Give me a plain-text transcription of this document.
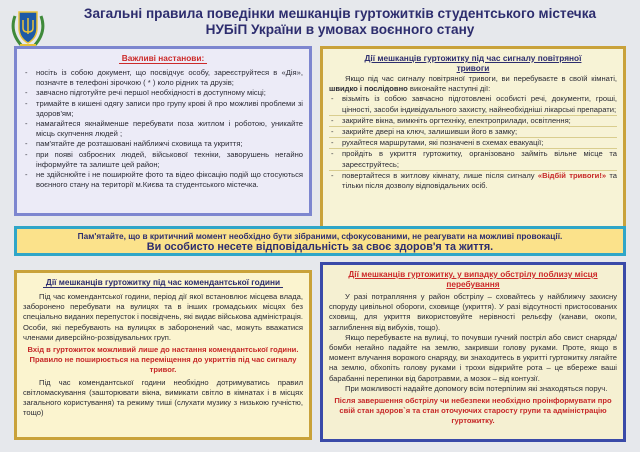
Загальні правила поведінки мешканців гуртожитків студентського містечка
НУБіП України в умовах воєнного стану
Важливі настанови:
- носіть із собою документ, що посвідчує особу, зареєструйтеся в «Дія», позначте в телефоні зірочкою ( * ) коло рідних та друзів;
- завчасно підготуйте речі першої необхідності в доступному місці;
- тримайте в кишені одягу записи про групу крові й про можливі проблеми зі здоров'ям;
- намагайтеся якнайменше перебувати поза житлом і роботою, уникайте місць скупчення людей ;
- пам'ятайте де розташовані найближчі сховища та укриття;
- при появі озброєних людей, військової техніки, заворушень негайно інформуйте та залиште цей район;
- не здійснюйте і не поширюйте фото та відео фіксацію подій що стосуються воєнного стану на території м.Києва та студентського містечка.
Дії мешканців гуртожитку під час сигналу повітряної
тривоги

Якщо під час сигналу повітряної тривоги, ви перебуваєте в своїй кімнаті, швидко і послідовно виконайте наступні дії:

- візьміть із собою завчасно підготовлені особисті речі, документи, гроші, цінності, засоби індивідуального захисту, найнеобхідніші лікарські препарати;
- закрийте вікна, вимкніть оргтехніку, електроприлади, освітлення;
- закрийте двері на ключ, залишивши його в замку;
- рухайтеся маршрутами, які позначені в схемах евакуації;
- пройдіть в укриття гуртожитку, організовано займіть вільне місце та зареєструйтесь;
- повертайтеся в житлову кімнату, лише після сигналу «Відбій тривоги!» та тільки після дозволу відповідальних осіб.
Пам'ятайте, що в критичний момент необхідно бути зібраними, сфокусованими, не реагувати на можливі провокації.
Ви особисто несете відповідальність за своє здоров'я та життя.
Дії мешканців гуртожитку під час комендантської години

Під час комендантської години, період дії якої встановлює місцева влада, заборонено перебувати на вулицях та в інших громадських місцях без спеціально виданих перепусток і посвідчень, які видає військова адміністрація. Особи, які перебувають на вулицях в заборонений час, можуть вважатися членами диверсійно-розвідувальних груп.

Вхід в гуртожиток можливий лише до настання комендантської години. Правило не поширюється на переміщення до укриттів під час сигналу тривог.

Під час комендантської години необхідно дотримуватись правил світломаскування (зашторювати вікна, вимикати світло в кімнатах і в місцях загального користування) та режиму тиші (слухати музику з низькою гучністю, тощо)

Дії мешканців гуртожитку, у випадку обстрілу поблизу місця
перебування

У разі потрапляння у район обстрілу – сховайтесь у найближчу захисну споруду цивільної обороги, сховище (укриття). У разі відсутності пристосованих сховищ, для укриття використовуйте нерівності рельєфу (канави, окопи, заглиблення від вибухів, тощо).

Якщо перебуваєте на вулиці, то почувши гучний постріл або свист снаряда/бомби негайно падайте на землю, закривши голову руками. Проте, якщо в момент влучання ворожого снаряду, ви знаходитесь в укритті гуртожитку лягайте на землю, обхопіть голову руками і трохи відкрийте рота – це вбереже ваші барабанні перепинки від баротравми, а мозок – від контузії.

При можливості надайте допомогу всім потерпілим які знаходяться поруч.

Після завершення обстрілу чи небезпеки необхідно проінформувати про свій стан здоров`я та стан оточуючих старосту групи та адміністрацію гуртожитку.
